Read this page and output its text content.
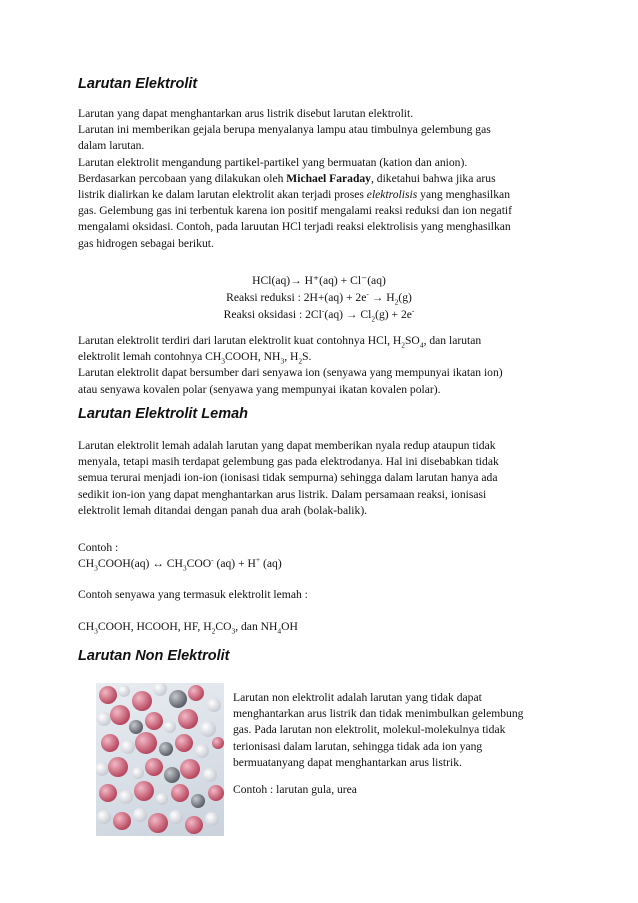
Larutan Elektrolit
Larutan yang dapat menghantarkan arus listrik disebut larutan elektrolit.
Larutan ini memberikan gejala berupa menyalanya lampu atau timbulnya gelembung gas
dalam larutan.
Larutan elektrolit mengandung partikel-partikel yang bermuatan (kation dan anion).
Berdasarkan percobaan yang dilakukan oleh Michael Faraday, diketahui bahwa jika arus
listrik dialirkan ke dalam larutan elektrolit akan terjadi proses elektrolisis yang menghasilkan
gas. Gelembung gas ini terbentuk karena ion positif mengalami reaksi reduksi dan ion negatif
mengalami oksidasi. Contoh, pada laruutan HCl terjadi reaksi elektrolisis yang menghasilkan
gas hidrogen sebagai berikut.
HCl(aq)→ H⁺(aq) + Cl⁻(aq)
Reaksi reduksi : $2H+(aq) + 2e^- \to H_2(g)$
Reaksi oksidasi : $2Cl^-(aq) \to Cl_2(g) + 2e^-$
Larutan elektrolit terdiri dari larutan elektrolit kuat contohnya HCl, $H_2SO_4$, dan larutan
elektrolit lemah contohnya $CH_3COOH$, $NH_3$, $H_2S$.
Larutan elektrolit dapat bersumber dari senyawa ion (senyawa yang mempunyai ikatan ion)
atau senyawa kovalen polar (senyawa yang mempunyai ikatan kovalen polar).
Larutan Elektrolit Lemah
Larutan elektrolit lemah adalah larutan yang dapat memberikan nyala redup ataupun tidak
menyala, tetapi masih terdapat gelembung gas pada elektrodanya. Hal ini disebabkan tidak
semua terurai menjadi ion-ion (ionisasi tidak sempurna) sehingga dalam larutan hanya ada
sedikit ion-ion yang dapat menghantarkan arus listrik. Dalam persamaan reaksi, ionisasi
elektrolit lemah ditandai dengan panah dua arah (bolak-balik).
Contoh :
$CH_3COOH(aq)$ ↔ $CH_3COO^-$ (aq) + H+ (aq)
Contoh senyawa yang termasuk elektrolit lemah :
$CH_3COOH$, HCOOH, HF, $H_2CO_3$, dan $NH_4OH$
Larutan Non Elektrolit
Larutan non elektrolit adalah larutan yang tidak dapat
menghantarkan arus listrik dan tidak menimbulkan gelembung
gas. Pada larutan non elektrolit, molekul-molekulnya tidak
terionisasi dalam larutan, sehingga tidak ada ion yang
bermuatanyang dapat menghantarkan arus listrik.
Contoh : larutan gula, urea
